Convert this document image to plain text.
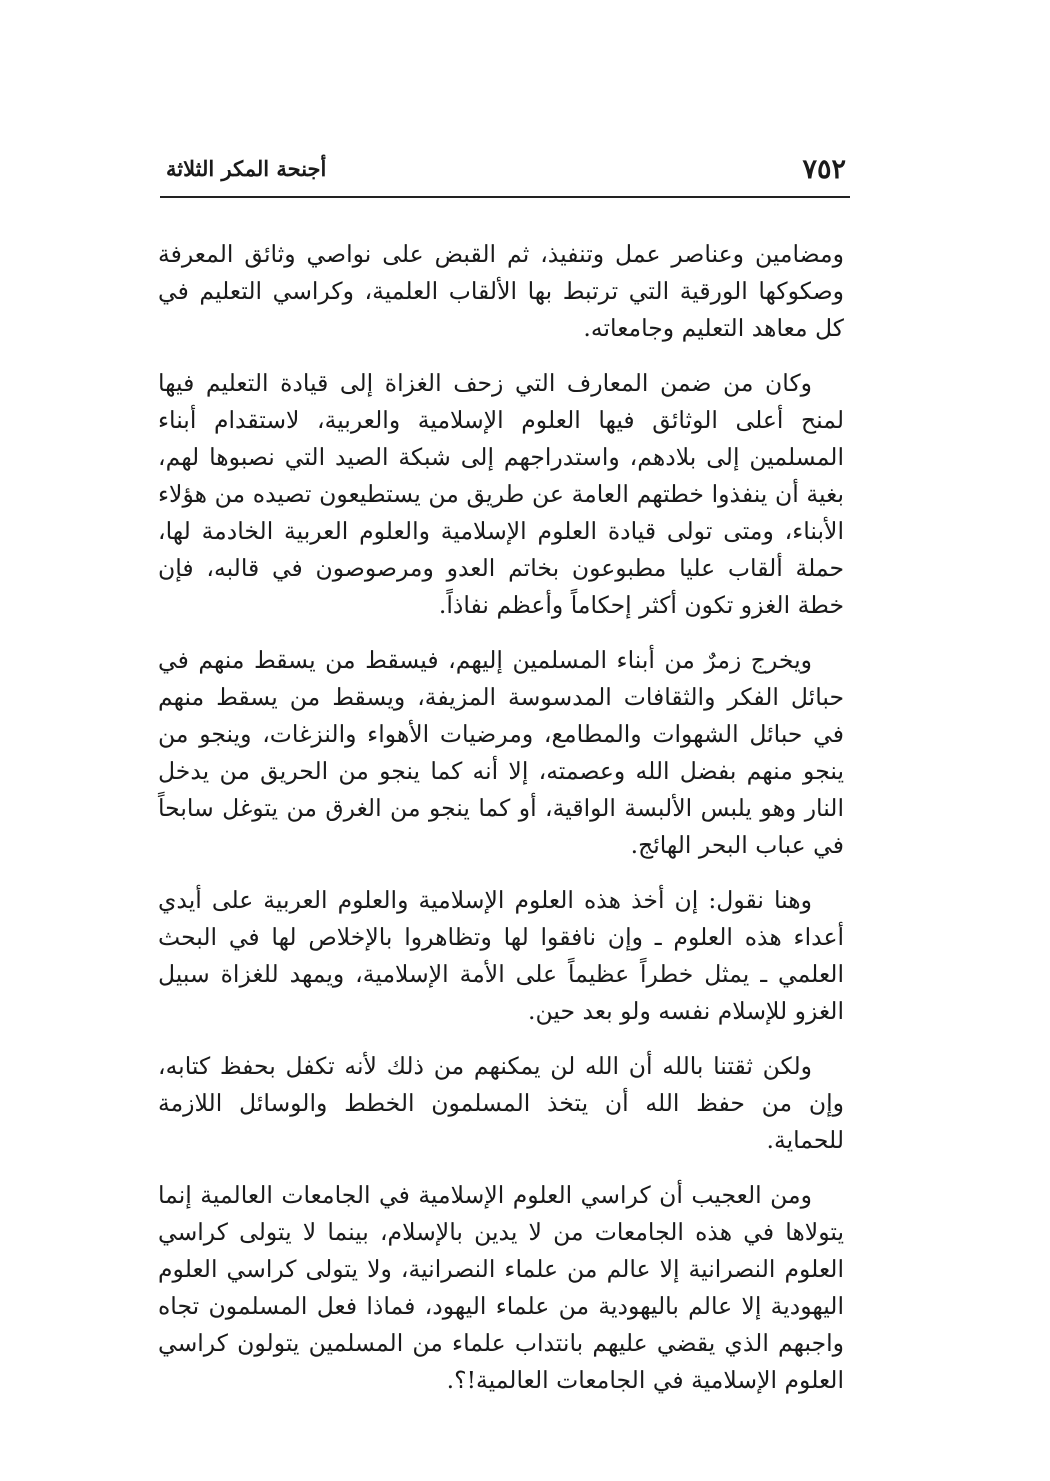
٧٥٢
أجنحة المكر الثلاثة

ومضامين وعناصر عمل وتنفيذ، ثم القبض على نواصي وثائق المعرفة وصكوكها الورقية التي ترتبط بها الألقاب العلمية، وكراسي التعليم في كل معاهد التعليم وجامعاته.

وكان من ضمن المعارف التي زحف الغزاة إلى قيادة التعليم فيها لمنح أعلى الوثائق فيها العلوم الإسلامية والعربية، لاستقدام أبناء المسلمين إلى بلادهم، واستدراجهم إلى شبكة الصيد التي نصبوها لهم، بغية أن ينفذوا خطتهم العامة عن طريق من يستطيعون تصيده من هؤلاء الأبناء، ومتى تولى قيادة العلوم الإسلامية والعلوم العربية الخادمة لها، حملة ألقاب عليا مطبوعون بخاتم العدو ومرصوصون في قالبه، فإن خطة الغزو تكون أكثر إحكاماً وأعظم نفاذاً.

ويخرج زمرٌ من أبناء المسلمين إليهم، فيسقط من يسقط منهم في حبائل الفكر والثقافات المدسوسة المزيفة، ويسقط من يسقط منهم في حبائل الشهوات والمطامع، ومرضيات الأهواء والنزغات، وينجو من ينجو منهم بفضل الله وعصمته، إلا أنه كما ينجو من الحريق من يدخل النار وهو يلبس الألبسة الواقية، أو كما ينجو من الغرق من يتوغل سابحاً في عباب البحر الهائج.

وهنا نقول: إن أخذ هذه العلوم الإسلامية والعلوم العربية على أيدي أعداء هذه العلوم ـ وإن نافقوا لها وتظاهروا بالإخلاص لها في البحث العلمي ـ يمثل خطراً عظيماً على الأمة الإسلامية، ويمهد للغزاة سبيل الغزو للإسلام نفسه ولو بعد حين.

ولكن ثقتنا بالله أن الله لن يمكنهم من ذلك لأنه تكفل بحفظ كتابه، وإن من حفظ الله أن يتخذ المسلمون الخطط والوسائل اللازمة للحماية.

ومن العجيب أن كراسي العلوم الإسلامية في الجامعات العالمية إنما يتولاها في هذه الجامعات من لا يدين بالإسلام، بينما لا يتولى كراسي العلوم النصرانية إلا عالم من علماء النصرانية، ولا يتولى كراسي العلوم اليهودية إلا عالم باليهودية من علماء اليهود، فماذا فعل المسلمون تجاه واجبهم الذي يقضي عليهم بانتداب علماء من المسلمين يتولون كراسي العلوم الإسلامية في الجامعات العالمية!؟.
